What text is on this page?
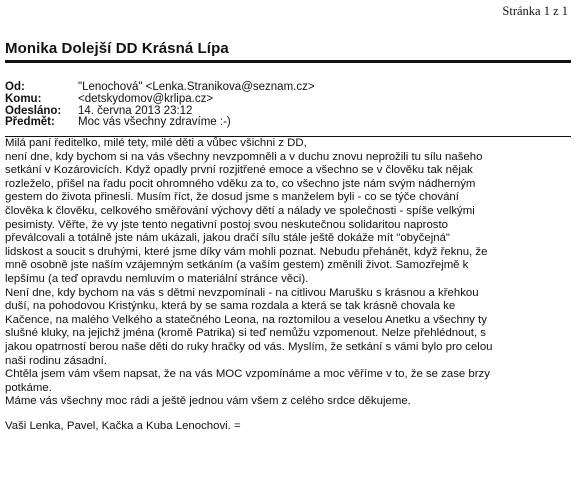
Stránka 1 z 1
Monika Dolejší DD Krásná Lípa
Od:	"Lenochová" <Lenka.Stranikova@seznam.cz>
Komu:	<detskydomov@krlipa.cz>
Odesláno:	14. června 2013 23:12
Předmět:	Moc vás všechny zdravíme :-)
Milá paní ředitelko, milé tety, milé děti a vůbec všichni z DD,
není dne, kdy bychom si na vás všechny nevzpomněli a v duchu znovu neprožili tu sílu našeho
setkání v Kozárovicích. Když opadly první rozjitřené emoce a všechno se v člověku tak nějak
rozleželo, přišel na řadu pocit ohromného vděku za to, co všechno jste nám svým nádherným
gestem do života přinesli. Musím říct, že dosud jsme s manželem byli - co se týče chování
člověka k člověku, celkového směřování výchovy dětí a nálady ve společnosti - spíše velkými
pesimisty. Věřte, že vy jste tento negativní postoj svou neskutečnou solidaritou naprosto
převálcovali a totálně jste nám ukázali, jakou dračí sílu stále ještě dokáže mít "obyčejná"
lidskost a soucit s druhými, které jsme díky vám mohli poznat. Nebudu přehánět, když řeknu, že
mně osobně jste naším vzájemným setkáním (a vaším gestem) změnili život. Samozřejmě k
lepšímu (a teď opravdu nemluvím o materiální stránce věci).
Není dne, kdy bychom na vás s dětmi nevzpomínali - na citlivou Marušku s krásnou a křehkou
duší, na pohodovou Kristýnku, která by se sama rozdala a která se tak krásně chovala ke
Kačence, na malého Velkého a statečného Leona, na roztomilou a veselou Anetku a všechny ty
slušné kluky, na jejichž jména (kromě Patrika) si teď nemůžu vzpomenout. Nelze přehlédnout, s
jakou opatrností berou naše děti do ruky hračky od vás. Myslím, že setkání s vámi bylo pro celou
naši rodinu zásadní.
Chtěla jsem vám všem napsat, že na vás MOC vzpomínáme a moc věříme v to, že se zase brzy
potkáme.
Máme vás všechny moc rádi a ještě jednou vám všem z celého srdce děkujeme.
Vaši Lenka, Pavel, Kačka a Kuba Lenochovi. =
